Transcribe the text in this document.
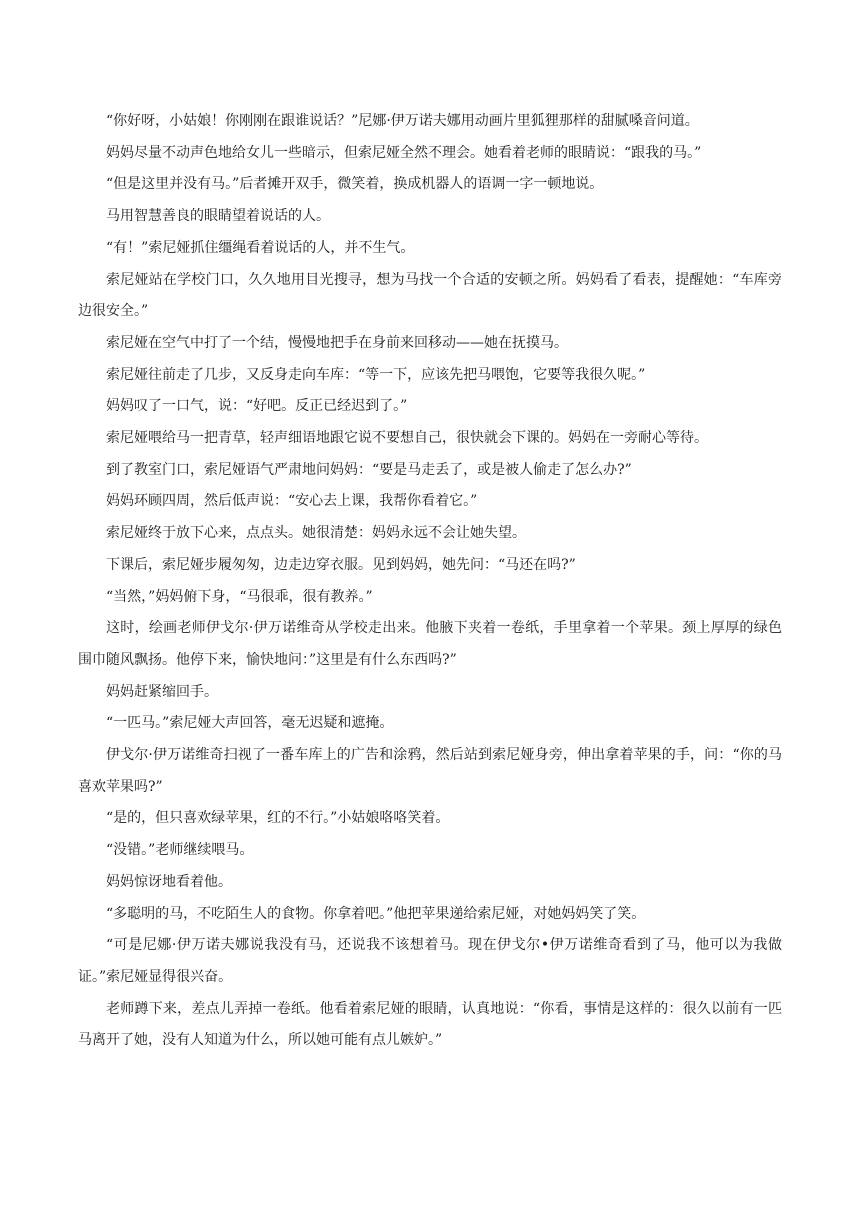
“你好呀，小姑娘！你刚刚在跟谁说话？”尼娜·伊万诺夫娜用动画片里狐狸那样的甜腻嗓音问道。

妈妈尽量不动声色地给女儿一些暗示，但索尼娅全然不理会。她看着老师的眼睛说：“跟我的马。”

“但是这里并没有马。”后者摊开双手，微笑着，换成机器人的语调一字一顿地说。

马用智慧善良的眼睛望着说话的人。

“有！”索尼娅抓住缰绳看着说话的人，并不生气。

索尼娅站在学校门口，久久地用目光搜寻，想为马找一个合适的安顿之所。妈妈看了看表，提醒她：“车库旁边很安全。”

索尼娅在空气中打了一个结，慢慢地把手在身前来回移动——她在抚摸马。

索尼娅往前走了几步，又反身走向车库：“等一下，应该先把马喂饱，它要等我很久呢。”

妈妈叹了一口气，说：“好吧。反正已经迟到了。”

索尼娅喂给马一把青草，轻声细语地跟它说不要想自己，很快就会下课的。妈妈在一旁耐心等待。

到了教室门口，索尼娅语气严肃地问妈妈：“要是马走丢了，或是被人偷走了怎么办?”

妈妈环顾四周，然后低声说：“安心去上课，我帮你看着它。”

索尼娅终于放下心来，点点头。她很清楚：妈妈永远不会让她失望。

下课后，索尼娅步履匆匆，边走边穿衣服。见到妈妈，她先问：“马还在吗?”

“当然，”妈妈俯下身，“马很乖，很有教养。”

这时，绘画老师伊戈尔·伊万诺维奇从学校走出来。他腋下夹着一卷纸，手里拿着一个苹果。颈上厚厚的绿色围巾随风飘扬。他停下来，愉快地问：”这里是有什么东西吗?”

妈妈赶紧缩回手。

“一匹马。”索尼娅大声回答，毫无迟疑和遮掩。

伊戈尔·伊万诺维奇扫视了一番车库上的广告和涂鸦，然后站到索尼娅身旁，伸出拿着苹果的手，问：“你的马喜欢苹果吗?”

“是的，但只喜欢绿苹果，红的不行。”小姑娘咯咯笑着。

“没错。”老师继续喂马。

妈妈惊讶地看着他。

“多聪明的马，不吃陌生人的食物。你拿着吧。”他把苹果递给索尼娅，对她妈妈笑了笑。

“可是尼娜·伊万诺夫娜说我没有马，还说我不该想着马。现在伊戈尔•伊万诺维奇看到了马，他可以为我做证。”索尼娅显得很兴奋。

老师蹲下来，差点儿弄掉一卷纸。他看着索尼娅的眼睛，认真地说：“你看，事情是这样的：很久以前有一匹马离开了她，没有人知道为什么，所以她可能有点儿嫉妒。”
